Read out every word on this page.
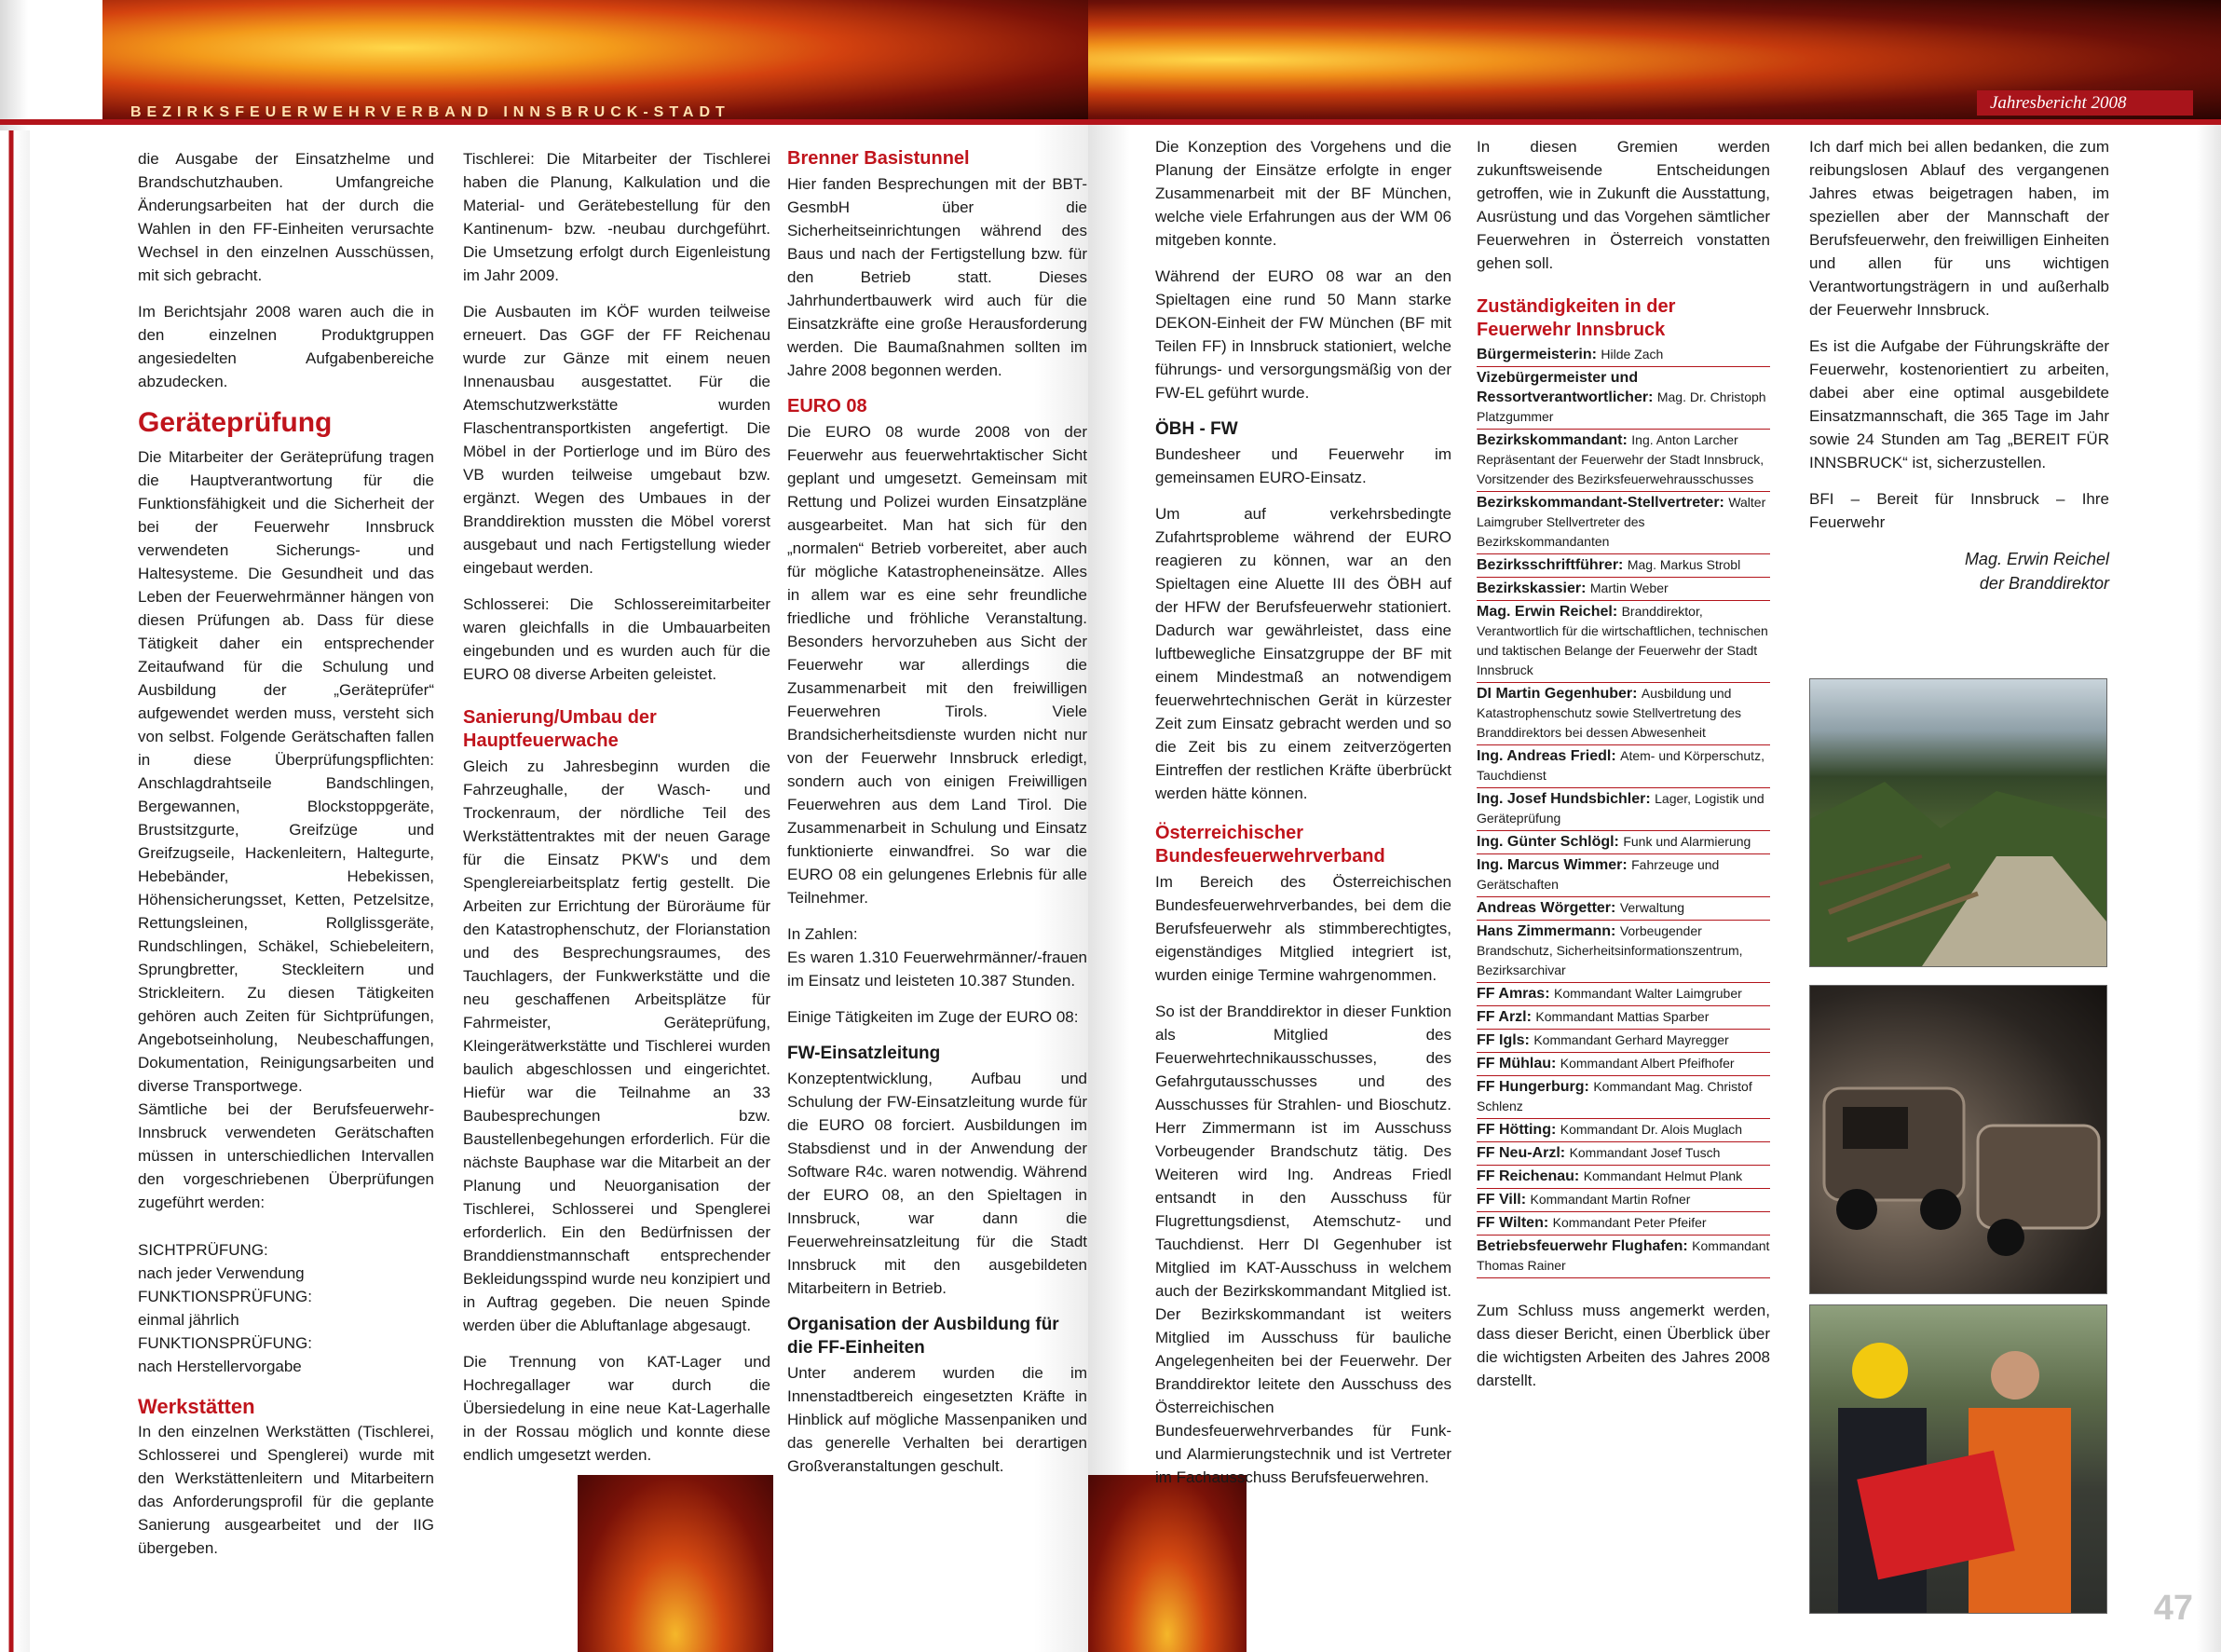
BEZIRKSFEUERWEHRVERBAND INNSBRUCK-STADT

die Ausgabe der Einsatzhelme und Brandschutzhauben. Umfangreiche Änderungsarbeiten hat der durch die Wahlen in den FF-Einheiten verursachte Wechsel in den einzelnen Ausschüssen, mit sich gebracht.

Im Berichtsjahr 2008 waren auch die in den einzelnen Produktgruppen angesiedelten Aufgabenbereiche abzudecken.

Geräteprüfung

Die Mitarbeiter der Geräteprüfung tragen die Hauptverantwortung für die Funktionsfähigkeit und die Sicherheit der bei der Feuerwehr Innsbruck verwendeten Sicherungs- und Haltesysteme. Die Gesundheit und das Leben der Feuerwehrmänner hängen von diesen Prüfungen ab. Dass für diese Tätigkeit daher ein entsprechender Zeitaufwand für die Schulung und Ausbildung der „Geräteprüfer“ aufgewendet werden muss, versteht sich von selbst. Folgende Gerätschaften fallen in diese Überprüfungspflichten: Anschlagdrahtseile Bandschlingen, Bergewannen, Blockstoppgeräte, Brustsitzgurte, Greifzüge und Greifzugseile, Hackenleitern, Haltegurte, Hebebänder, Hebekissen, Höhensicherungsset, Ketten, Petzelsitze, Rettungsleinen, Rollglissgeräte, Rundschlingen, Schäkel, Schiebeleitern, Sprungbretter, Steckleitern und Strickleitern. Zu diesen Tätigkeiten gehören auch Zeiten für Sichtprüfungen, Angebotseinholung, Neubeschaffungen, Dokumentation, Reinigungsarbeiten und diverse Transportwege.

Sämtliche bei der Berufsfeuerwehr-Innsbruck verwendeten Gerätschaften müssen in unterschiedlichen Intervallen den vorgeschriebenen Überprüfungen zugeführt werden:

SICHTPRÜFUNG:
nach jeder Verwendung
FUNKTIONSPRÜFUNG:
einmal jährlich
FUNKTIONSPRÜFUNG:
nach Herstellervorgabe
Werkstätten

In den einzelnen Werkstätten (Tischlerei, Schlosserei und Spenglerei) wurde mit den Werkstättenleitern und Mitarbeitern das Anforderungsprofil für die geplante Sanierung ausgearbeitet und der IIG übergeben.

Tischlerei: Die Mitarbeiter der Tischlerei haben die Planung, Kalkulation und die Material- und Gerätebestellung für den Kantinenum- bzw. -neubau durchgeführt. Die Umsetzung erfolgt durch Eigenleistung im Jahr 2009.

Die Ausbauten im KÖF wurden teilweise erneuert. Das GGF der FF Reichenau wurde zur Gänze mit einem neuen Innenausbau ausgestattet. Für die Atemschutzwerkstätte wurden Flaschentransportkisten angefertigt. Die Möbel in der Portierloge und im Büro des VB wurden teilweise umgebaut bzw. ergänzt. Wegen des Umbaues in der Branddirektion mussten die Möbel vorerst ausgebaut und nach Fertigstellung wieder eingebaut werden.

Schlosserei: Die Schlossereimitarbeiter waren gleichfalls in die Umbauarbeiten eingebunden und es wurden auch für die EURO 08 diverse Arbeiten geleistet.

Sanierung/Umbau der Hauptfeuerwache

Gleich zu Jahresbeginn wurden die Fahrzeughalle, der Wasch- und Trockenraum, der nördliche Teil des Werkstättentraktes mit der neuen Garage für die Einsatz PKW's und dem Spenglereiarbeitsplatz fertig gestellt. Die Arbeiten zur Errichtung der Büroräume für den Katastrophenschutz, der Florianstation und des Besprechungsraumes, des Tauchlagers, der Funkwerkstätte und die neu geschaffenen Arbeitsplätze für Fahrmeister, Geräteprüfung, Kleingerätwerkstätte und Tischlerei wurden baulich abgeschlossen und eingerichtet. Hiefür war die Teilnahme an 33 Baubesprechungen bzw. Baustellenbegehungen erforderlich. Für die nächste Bauphase war die Mitarbeit an der Planung und Neuorganisation der Tischlerei, Schlosserei und Spenglerei erforderlich. Ein den Bedürfnissen der Branddienstmannschaft entsprechender Bekleidungsspind wurde neu konzipiert und in Auftrag gegeben. Die neuen Spinde werden über die Abluftanlage abgesaugt.

Die Trennung von KAT-Lager und Hochregallager war durch die Übersiedelung in eine neue Kat-Lagerhalle in der Rossau möglich und konnte diese endlich umgesetzt werden.

Brenner Basistunnel

Hier fanden Besprechungen mit der BBT-GesmbH über die Sicherheitseinrichtungen während des Baus und nach der Fertigstellung bzw. für den Betrieb statt. Dieses Jahrhundertbauwerk wird auch für die Einsatzkräfte eine große Herausforderung werden. Die Baumaßnahmen sollten im Jahre 2008 begonnen werden.

EURO 08

Die EURO 08 wurde 2008 von der Feuerwehr aus feuerwehrtaktischer Sicht geplant und umgesetzt. Gemeinsam mit Rettung und Polizei wurden Einsatzpläne ausgearbeitet. Man hat sich für den „normalen“ Betrieb vorbereitet, aber auch für mögliche Katastropheneinsätze. Alles in allem war es eine sehr freundliche friedliche und fröhliche Veranstaltung. Besonders hervorzuheben aus Sicht der Feuerwehr war allerdings die Zusammenarbeit mit den freiwilligen Feuerwehren Tirols. Viele Brandsicherheitsdienste wurden nicht nur von der Feuerwehr Innsbruck erledigt, sondern auch von einigen Freiwilligen Feuerwehren aus dem Land Tirol. Die Zusammenarbeit in Schulung und Einsatz funktionierte einwandfrei. So war die EURO 08 ein gelungenes Erlebnis für alle Teilnehmer.

In Zahlen:

Es waren 1.310 Feuerwehrmänner/-frauen im Einsatz und leisteten 10.387 Stunden.

Einige Tätigkeiten im Zuge der EURO 08:

FW-Einsatzleitung

Konzeptentwicklung, Aufbau und Schulung der FW-Einsatzleitung wurde für die EURO 08 forciert. Ausbildungen im Stabsdienst und in der Anwendung der Software R4c. waren notwendig. Während der EURO 08, an den Spieltagen in Innsbruck, war dann die Feuerwehreinsatzleitung für die Stadt Innsbruck mit den ausgebildeten Mitarbeitern in Betrieb.

Organisation der Ausbildung für die FF-Einheiten

Unter anderem wurden die im Innenstadtbereich eingesetzten Kräfte in Hinblick auf mögliche Massenpaniken und das generelle Verhalten bei derartigen Großveranstaltungen geschult.

Jahresbericht 2008
47

Die Konzeption des Vorgehens und die Planung der Einsätze erfolgte in enger Zusammenarbeit mit der BF München, welche viele Erfahrungen aus der WM 06 mitgeben konnte.

Während der EURO 08 war an den Spieltagen eine rund 50 Mann starke DEKON-Einheit der FW München (BF mit Teilen FF) in Innsbruck stationiert, welche führungs- und versorgungsmäßig von der FW-EL geführt wurde.

ÖBH - FW

Bundesheer und Feuerwehr im gemeinsamen EURO-Einsatz.

Um auf verkehrsbedingte Zufahrtsprobleme während der EURO reagieren zu können, war an den Spieltagen eine Aluette III des ÖBH auf der HFW der Berufsfeuerwehr stationiert. Dadurch war gewährleistet, dass eine luftbewegliche Einsatzgruppe der BF mit einem Mindestmaß an notwendigem feuerwehrtechnischen Gerät in kürzester Zeit zum Einsatz gebracht werden und so die Zeit bis zu einem zeitverzögerten Eintreffen der restlichen Kräfte überbrückt werden hätte können.

Österreichischer Bundesfeuerwehrverband

Im Bereich des Österreichischen Bundesfeuerwehrverbandes, bei dem die Berufsfeuerwehr als stimmberechtigtes, eigenständiges Mitglied integriert ist, wurden einige Termine wahrgenommen.

So ist der Branddirektor in dieser Funktion als Mitglied des Feuerwehrtechnikausschusses, des Gefahrgutausschusses und des Ausschusses für Strahlen- und Bioschutz. Herr Zimmermann ist im Ausschuss Vorbeugender Brandschutz tätig. Des Weiteren wird Ing. Andreas Friedl entsandt in den Ausschuss für Flugrettungsdienst, Atemschutz- und Tauchdienst. Herr DI Gegenhuber ist Mitglied im KAT-Ausschuss in welchem auch der Bezirkskommandant Mitglied ist. Der Bezirkskommandant ist weiters Mitglied im Ausschuss für bauliche Angelegenheiten bei der Feuerwehr. Der Branddirektor leitete den Ausschuss des Österreichischen Bundesfeuerwehrverbandes für Funk- und Alarmierungstechnik und ist Vertreter im Fachausschuss Berufsfeuerwehren.

In diesen Gremien werden zukunftsweisende Entscheidungen getroffen, wie in Zukunft die Ausstattung, Ausrüstung und das Vorgehen sämtlicher Feuerwehren in Österreich vonstatten gehen soll.

Zuständigkeiten in der Feuerwehr Innsbruck
Bürgermeisterin: Hilde Zach
Vizebürgermeister und Ressortverantwortlicher: Mag. Dr. Christoph Platzgummer
Bezirkskommandant: Ing. Anton Larcher Repräsentant der Feuerwehr der Stadt Innsbruck, Vorsitzender des Bezirksfeuerwehrausschusses
Bezirkskommandant-Stellvertreter: Walter Laimgruber Stellvertreter des Bezirkskommandanten
Bezirksschriftführer: Mag. Markus Strobl
Bezirkskassier: Martin Weber
Mag. Erwin Reichel: Branddirektor, Verantwortlich für die wirtschaftlichen, technischen und taktischen Belange der Feuerwehr der Stadt Innsbruck
DI Martin Gegenhuber: Ausbildung und Katastrophenschutz sowie Stellvertretung des Branddirektors bei dessen Abwesenheit
Ing. Andreas Friedl: Atem- und Körperschutz, Tauchdienst
Ing. Josef Hundsbichler: Lager, Logistik und Geräteprüfung
Ing. Günter Schlögl: Funk und Alarmierung
Ing. Marcus Wimmer: Fahrzeuge und Gerätschaften
Andreas Wörgetter: Verwaltung
Hans Zimmermann: Vorbeugender Brandschutz, Sicherheitsinformationszentrum, Bezirksarchivar
FF Amras: Kommandant Walter Laimgruber
FF Arzl: Kommandant Mattias Sparber
FF Igls: Kommandant Gerhard Mayregger
FF Mühlau: Kommandant Albert Pfeifhofer
FF Hungerburg: Kommandant Mag. Christof Schlenz
FF Hötting: Kommandant Dr. Alois Muglach
FF Neu-Arzl: Kommandant Josef Tusch
FF Reichenau: Kommandant Helmut Plank
FF Vill: Kommandant Martin Rofner
FF Wilten: Kommandant Peter Pfeifer
Betriebsfeuerwehr Flughafen: Kommandant Thomas Rainer

Zum Schluss muss angemerkt werden, dass dieser Bericht, einen Überblick über die wichtigsten Arbeiten des Jahres 2008 darstellt.

Ich darf mich bei allen bedanken, die zum reibungslosen Ablauf des vergangenen Jahres etwas beigetragen haben, im speziellen aber der Mannschaft der Berufsfeuerwehr, den freiwilligen Einheiten und allen für uns wichtigen Verantwortungsträgern in und außerhalb der Feuerwehr Innsbruck.

Es ist die Aufgabe der Führungskräfte der Feuerwehr, kostenorientiert zu arbeiten, dabei aber eine optimal ausgebildete Einsatzmannschaft, die 365 Tage im Jahr sowie 24 Stunden am Tag „BEREIT FÜR INNSBRUCK“ ist, sicherzustellen.

BFI – Bereit für Innsbruck – Ihre Feuerwehr

Mag. Erwin Reichel
der Branddirektor
